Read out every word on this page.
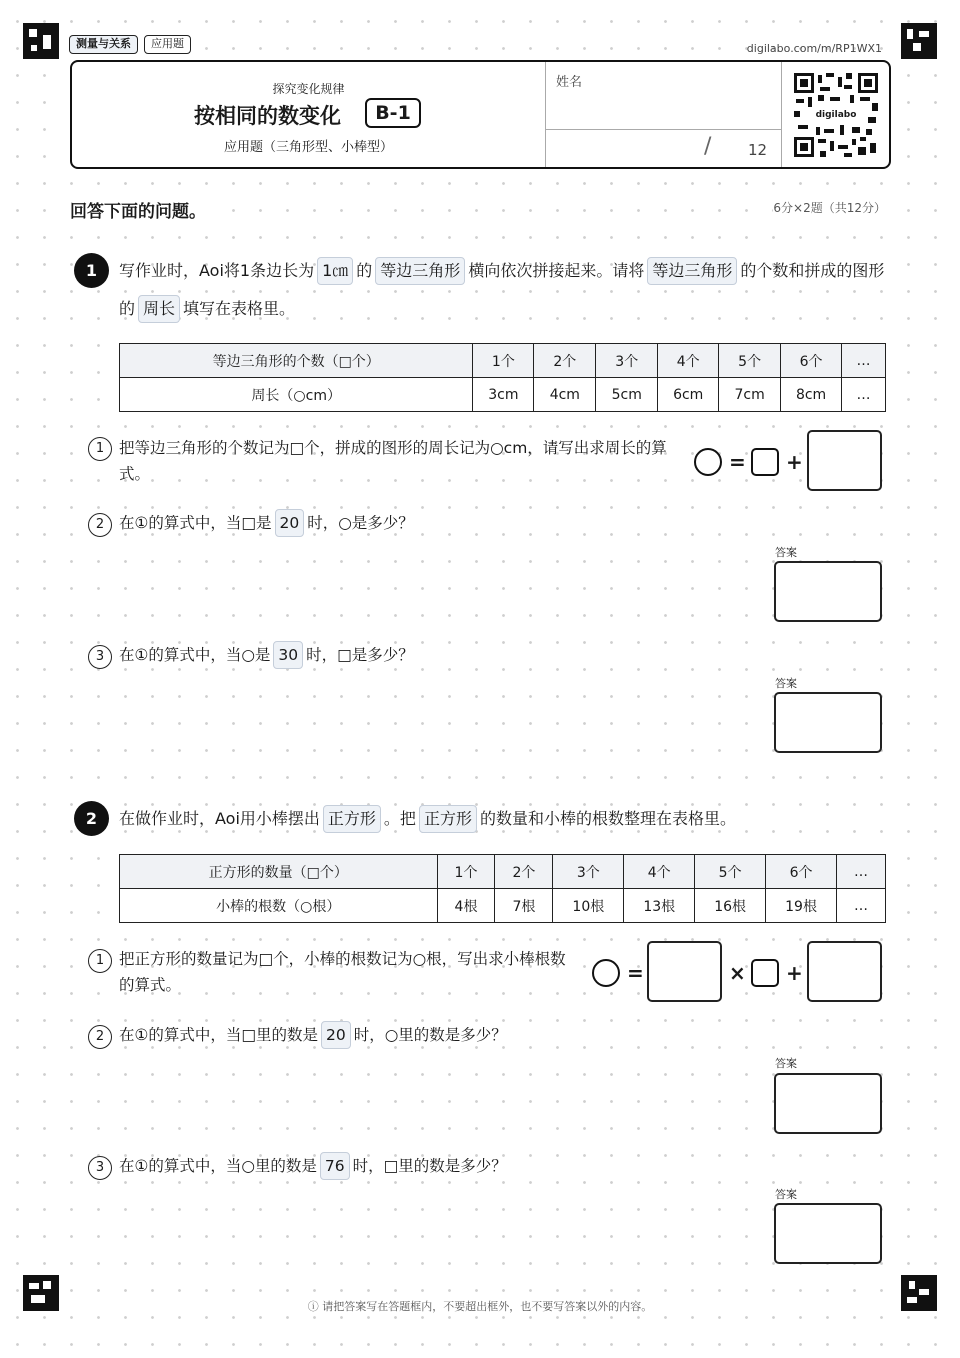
测量与关系	应用题	digilabo.com/m/RP1WX1
探究变化规律
按相同的数变化	B-1
应用题（三角形型、小棒型）
姓名
/ 12
digilabo
回答下面的问题。	6分×2题（共12分）
1	写作业时，Aoi将1条边长为 1㎝ 的 等边三角形 横向依次拼接起来。请将 等边三角形 的个数和拼成的图形的 周长 填写在表格里。
等边三角形的个数（□个）	1个	2个	3个	4个	5个	6个	…
周长（○cm）	3cm	4cm	5cm	6cm	7cm	8cm	…
1 把等边三角形的个数记为□个，拼成的图形的周长记为○cm，请写出求周长的算式。	= +
2 在①的算式中，当□是 20 时，○是多少？
答案
3 在①的算式中，当○是 30 时，□是多少？
答案
2	在做作业时，Aoi用小棒摆出 正方形 。把 正方形 的数量和小棒的根数整理在表格里。
正方形的数量（□个）	1个	2个	3个	4个	5个	6个	…
小棒的根数（○根）	4根	7根	10根	13根	16根	19根	…
1 把正方形的数量记为□个，小棒的根数记为○根，写出求小棒根数的算式。	=	× +
2 在①的算式中，当□里的数是 20 时，○里的数是多少？
答案
3 在①的算式中，当○里的数是 76 时，□里的数是多少？
答案
ⓘ 请把答案写在答题框内，不要超出框外，也不要写答案以外的内容。
